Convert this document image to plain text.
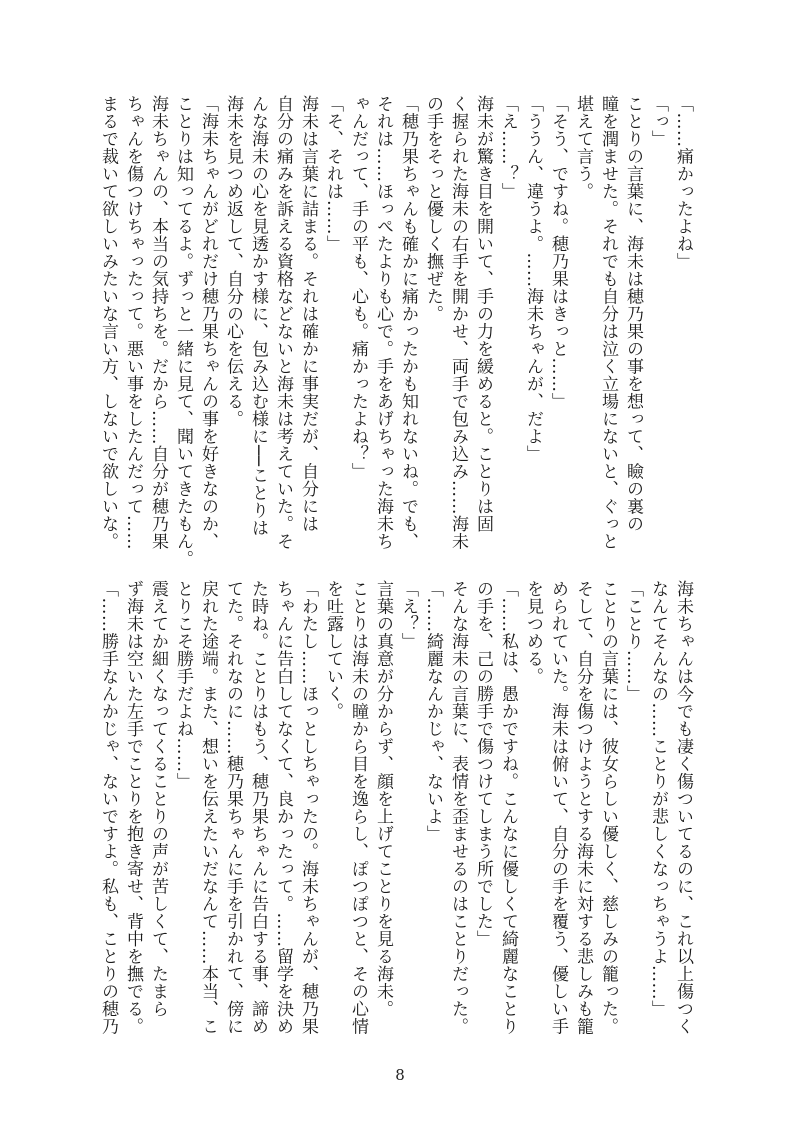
「……痛かったよね」
「っ」
ことりの言葉に、海未は穂乃果の事を想って、瞼の裏の
瞳を潤ませた。それでも自分は泣く立場にないと、ぐっと
堪えて言う。
「そう、ですね。穂乃果はきっと……」
「ううん、違うよ。……海未ちゃんが、だよ」
「え……？」
海未が驚き目を開いて、手の力を緩めると。ことりは固
く握られた海未の右手を開かせ、両手で包み込み……海未
の手をそっと優しく撫ぜた。
「穂乃果ちゃんも確かに痛かったかも知れないね。でも、
それは……ほっぺたよりも心で。手をあげちゃった海未ち
ゃんだって、手の平も、心も。痛かったよね？」
「そ、それは……」
海未は言葉に詰まる。それは確かに事実だが、自分には
自分の痛みを訴える資格などないと海未は考えていた。そ
んな海未の心を見透かす様に、包み込む様に──ことりは
海未を見つめ返して、自分の心を伝える。
「海未ちゃんがどれだけ穂乃果ちゃんの事を好きなのか、
ことりは知ってるよ。ずっと一緒に見て、聞いてきたもん。
海未ちゃんの、本当の気持ちを。だから……自分が穂乃果
ちゃんを傷つけちゃったって。悪い事をしたんだって……
まるで裁いて欲しいみたいな言い方、しないで欲しいな。
海未ちゃんは今でも凄く傷ついてるのに、これ以上傷つく
なんてそんなの……ことりが悲しくなっちゃうよ……」
「ことり……」
ことりの言葉には、彼女らしい優しく、慈しみの籠った。
そして、自分を傷つけようとする海未に対する悲しみも籠
められていた。海未は俯いて、自分の手を覆う、優しい手
を見つめる。
「……私は、愚かですね。こんなに優しくて綺麗なことり
の手を、己の勝手で傷つけてしまう所でした」
そんな海未の言葉に、表情を歪ませるのはことりだった。
「……綺麗なんかじゃ、ないよ」
「え？」
言葉の真意が分からず、顔を上げてことりを見る海未。
ことりは海未の瞳から目を逸らし、ぽつぽつと、その心情
を吐露していく。
「わたし……ほっとしちゃったの。海未ちゃんが、穂乃果
ちゃんに告白してなくて、良かったって。……留学を決め
た時ね。ことりはもう、穂乃果ちゃんに告白する事、諦め
てた。それなのに……穂乃果ちゃんに手を引かれて、傍に
戻れた途端。また、想いを伝えたいだなんて……本当、こ
とりこそ勝手だよね……」
震えてか細くなってくることりの声が苦しくて、たまら
ず海未は空いた左手でことりを抱き寄せ、背中を撫でる。
「……勝手なんかじゃ、ないですよ。私も、ことりの穂乃
8
